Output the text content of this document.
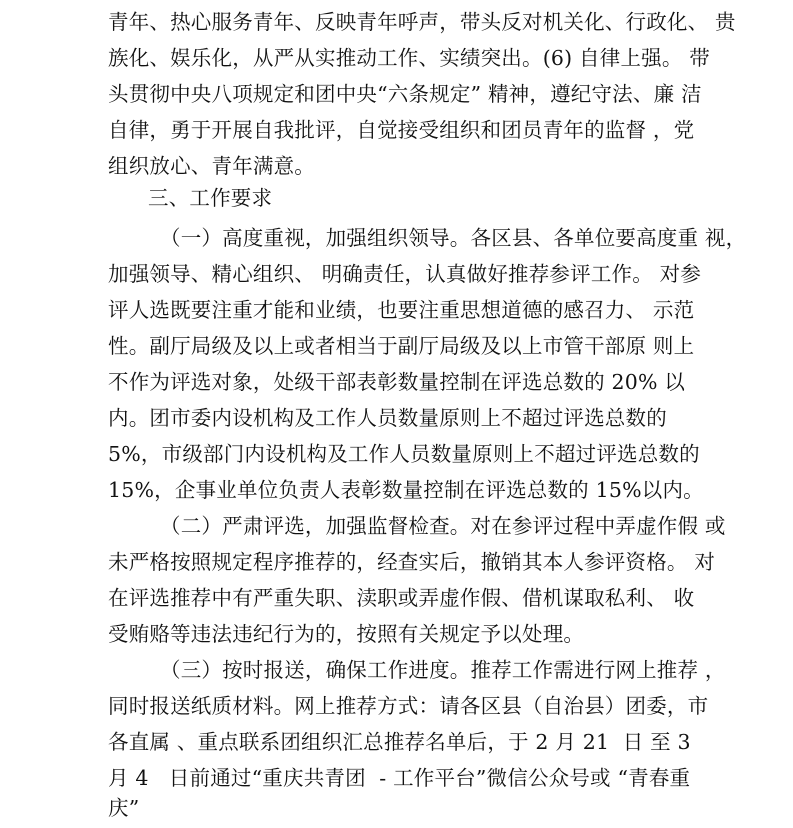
青年、热心服务青年、反映青年呼声，带头反对机关化、行政化、 贵
族化、娱乐化，从严从实推动工作、实绩突出。(6) 自律上强。 带
头贯彻中央八项规定和团中央“六条规定” 精神，遵纪守法、廉 洁
自律，勇于开展自我批评，自觉接受组织和团员青年的监督 ，党
组织放心、青年满意。
三、工作要求
（一）高度重视，加强组织领导。各区县、各单位要高度重 视，
加强领导、精心组织、 明确责任，认真做好推荐参评工作。 对参
评人选既要注重才能和业绩，也要注重思想道德的感召力、 示范
性。副厅局级及以上或者相当于副厅局级及以上市管干部原 则上
不作为评选对象，处级干部表彰数量控制在评选总数的 20% 以
内。团市委内设机构及工作人员数量原则上不超过评选总数的
5%，市级部门内设机构及工作人员数量原则上不超过评选总数的
15%，企事业单位负责人表彰数量控制在评选总数的 15%以内。
（二）严肃评选，加强监督检查。对在参评过程中弄虚作假 或
未严格按照规定程序推荐的，经查实后，撤销其本人参评资格。 对
在评选推荐中有严重失职、渎职或弄虚作假、借机谋取私利、 收
受贿赂等违法违纪行为的，按照有关规定予以处理。
（三）按时报送，确保工作进度。推荐工作需进行网上推荐 ，
同时报送纸质材料。网上推荐方式：请各区县（自治县）团委，市
各直属 、重点联系团组织汇总推荐名单后，于 2 月 21  日 至 3
月 4   日前通过“重庆共青团  - 工作平台”微信公众号或 “青春重
庆”
